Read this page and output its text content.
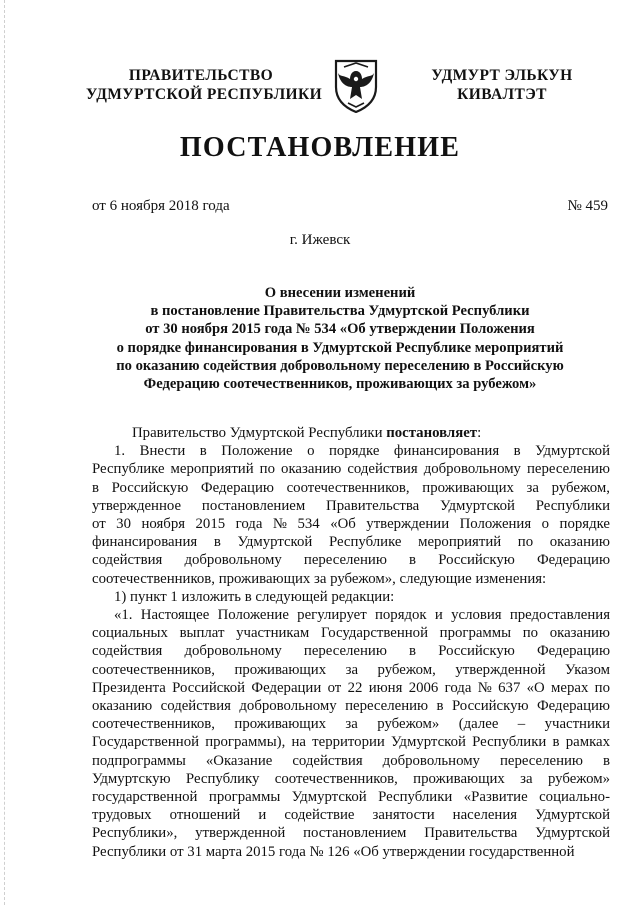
ПРАВИТЕЛЬСТВО
УДМУРТСКОЙ РЕСПУБЛИКИ
УДМУРТ ЭЛЬКУН
КИВАЛТЭТ
ПОСТАНОВЛЕНИЕ
от 6 ноября 2018 года	№ 459
г. Ижевск
О внесении изменений
в постановление Правительства Удмуртской Республики
от 30 ноября 2015 года № 534 «Об утверждении Положения
о порядке финансирования в Удмуртской Республике мероприятий
по оказанию содействия добровольному переселению в Российскую
Федерацию соотечественников, проживающих за рубежом»
Правительство Удмуртской Республики постановляет:
1. Внести в Положение о порядке финансирования в Удмуртской
Республике мероприятий по оказанию содействия добровольному переселению
в Российскую Федерацию соотечественников, проживающих за рубежом,
утвержденное постановлением Правительства Удмуртской Республики
от 30 ноября 2015 года № 534 «Об утверждении Положения о порядке
финансирования в Удмуртской Республике мероприятий по оказанию
содействия добровольному переселению в Российскую Федерацию
соотечественников, проживающих за рубежом», следующие изменения:
1) пункт 1 изложить в следующей редакции:
«1. Настоящее Положение регулирует порядок и условия предоставления
социальных выплат участникам Государственной программы по оказанию
содействия добровольному переселению в Российскую Федерацию
соотечественников, проживающих за рубежом, утвержденной Указом
Президента Российской Федерации от 22 июня 2006 года № 637 «О мерах по
оказанию содействия добровольному переселению в Российскую Федерацию
соотечественников, проживающих за рубежом» (далее – участники
Государственной программы), на территории Удмуртской Республики в рамках
подпрограммы «Оказание содействия добровольному переселению в
Удмуртскую Республику соотечественников, проживающих за рубежом»
государственной программы Удмуртской Республики «Развитие социально-
трудовых отношений и содействие занятости населения Удмуртской
Республики», утвержденной постановлением Правительства Удмуртской
Республики от 31 марта 2015 года № 126 «Об утверждении государственной
